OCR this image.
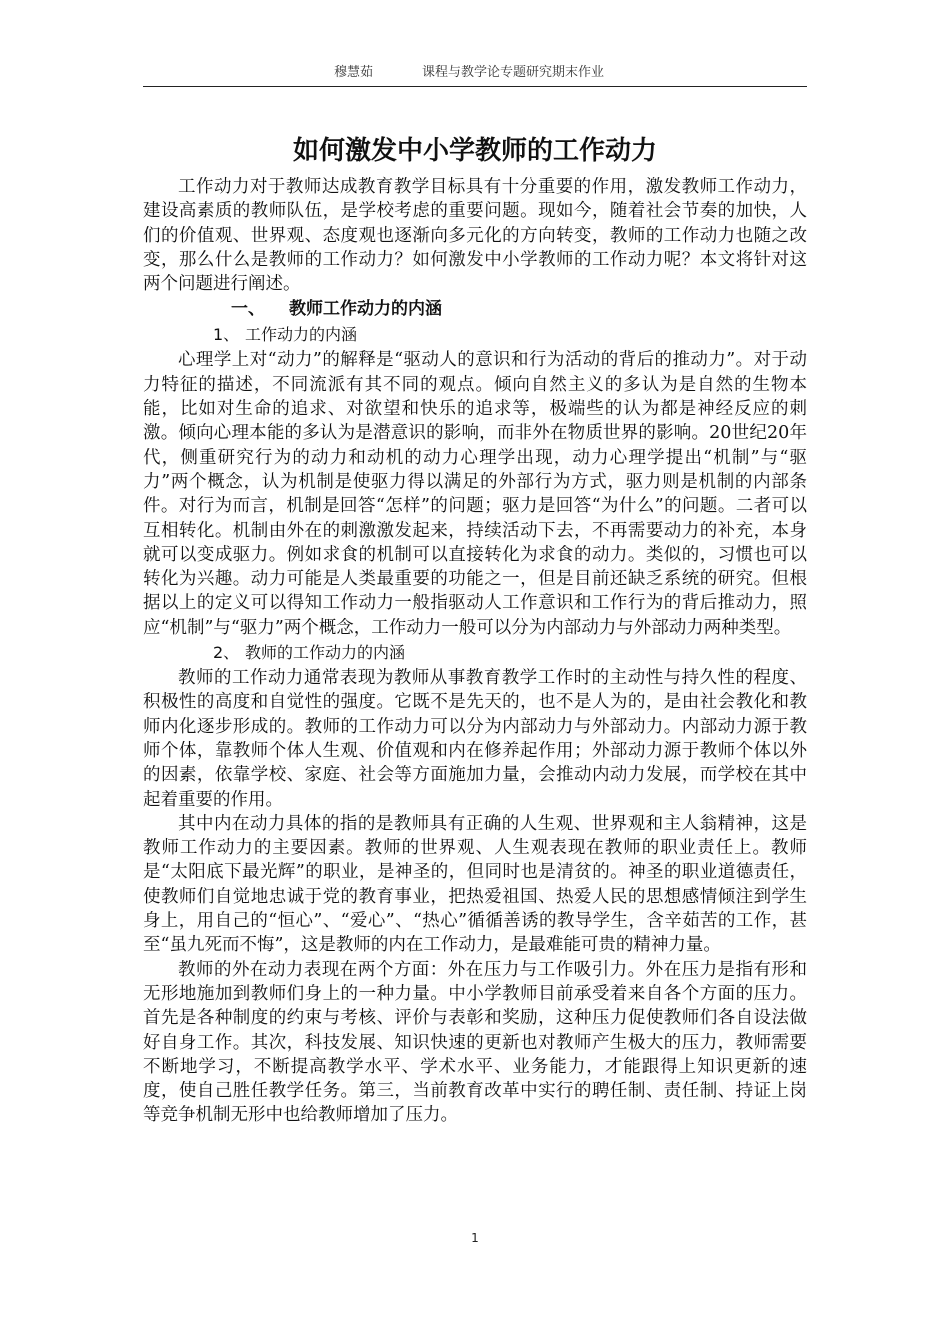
穆慧茹	课程与教学论专题研究期末作业
如何激发中小学教师的工作动力

工作动力对于教师达成教育教学目标具有十分重要的作用，激发教师工作动力，建设高素质的教师队伍，是学校考虑的重要问题。现如今，随着社会节奏的加快，人们的价值观、世界观、态度观也逐渐向多元化的方向转变，教师的工作动力也随之改变，那么什么是教师的工作动力？如何激发中小学教师的工作动力呢？本文将针对这两个问题进行阐述。

一、 教师工作动力的内涵
1、 工作动力的内涵

心理学上对“动力”的解释是“驱动人的意识和行为活动的背后的推动力”。对于动力特征的描述，不同流派有其不同的观点。倾向自然主义的多认为是自然的生物本能，比如对生命的追求、对欲望和快乐的追求等，极端些的认为都是神经反应的刺激。倾向心理本能的多认为是潜意识的影响，而非外在物质世界的影响。20世纪20年代，侧重研究行为的动力和动机的动力心理学出现，动力心理学提出“机制”与“驱力”两个概念，认为机制是使驱力得以满足的外部行为方式，驱力则是机制的内部条件。对行为而言，机制是回答“怎样”的问题；驱力是回答“为什么”的问题。二者可以互相转化。机制由外在的刺激激发起来，持续活动下去，不再需要动力的补充，本身就可以变成驱力。例如求食的机制可以直接转化为求食的动力。类似的，习惯也可以转化为兴趣。动力可能是人类最重要的功能之一，但是目前还缺乏系统的研究。但根据以上的定义可以得知工作动力一般指驱动人工作意识和工作行为的背后推动力，照应“机制”与“驱力”两个概念，工作动力一般可以分为内部动力与外部动力两种类型。

2、 教师的工作动力的内涵

教师的工作动力通常表现为教师从事教育教学工作时的主动性与持久性的程度、积极性的高度和自觉性的强度。它既不是先天的，也不是人为的，是由社会教化和教师内化逐步形成的。教师的工作动力可以分为内部动力与外部动力。内部动力源于教师个体，靠教师个体人生观、价值观和内在修养起作用；外部动力源于教师个体以外的因素，依靠学校、家庭、社会等方面施加力量，会推动内动力发展，而学校在其中起着重要的作用。

其中内在动力具体的指的是教师具有正确的人生观、世界观和主人翁精神，这是教师工作动力的主要因素。教师的世界观、人生观表现在教师的职业责任上。教师是“太阳底下最光辉”的职业，是神圣的，但同时也是清贫的。神圣的职业道德责任，使教师们自觉地忠诚于党的教育事业，把热爱祖国、热爱人民的思想感情倾注到学生身上，用自己的“恒心”、“爱心”、“热心”循循善诱的教导学生，含辛茹苦的工作，甚至“虽九死而不悔”，这是教师的内在工作动力，是最难能可贵的精神力量。

教师的外在动力表现在两个方面：外在压力与工作吸引力。外在压力是指有形和无形地施加到教师们身上的一种力量。中小学教师目前承受着来自各个方面的压力。首先是各种制度的约束与考核、评价与表彰和奖励，这种压力促使教师们各自设法做好自身工作。其次，科技发展、知识快速的更新也对教师产生极大的压力，教师需要不断地学习，不断提高教学水平、学术水平、业务能力，才能跟得上知识更新的速度，使自己胜任教学任务。第三，当前教育改革中实行的聘任制、责任制、持证上岗等竞争机制无形中也给教师增加了压力。

1
